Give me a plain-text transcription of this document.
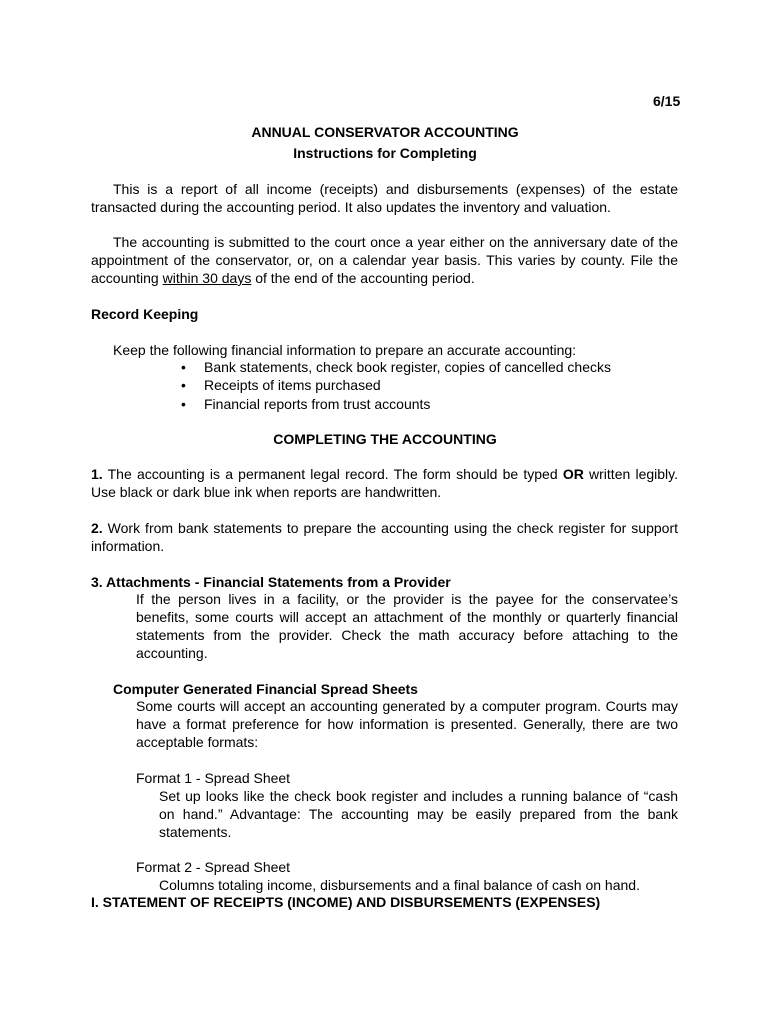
6/15
ANNUAL CONSERVATOR ACCOUNTING
Instructions for Completing
This is a report of all income (receipts) and disbursements (expenses) of the estate transacted during the accounting period. It also updates the inventory and valuation.
The accounting is submitted to the court once a year either on the anniversary date of the appointment of the conservator, or, on a calendar year basis. This varies by county. File the accounting within 30 days of the end of the accounting period.
Record Keeping
Keep the following financial information to prepare an accurate accounting:
• Bank statements, check book register, copies of cancelled checks
• Receipts of items purchased
• Financial reports from trust accounts
COMPLETING THE ACCOUNTING
1. The accounting is a permanent legal record. The form should be typed OR written legibly. Use black or dark blue ink when reports are handwritten.
2. Work from bank statements to prepare the accounting using the check register for support information.
3. Attachments - Financial Statements from a Provider
If the person lives in a facility, or the provider is the payee for the conservatee’s benefits, some courts will accept an attachment of the monthly or quarterly financial statements from the provider. Check the math accuracy before attaching to the accounting.
Computer Generated Financial Spread Sheets
Some courts will accept an accounting generated by a computer program. Courts may have a format preference for how information is presented. Generally, there are two acceptable formats:
Format 1 - Spread Sheet
Set up looks like the check book register and includes a running balance of “cash on hand.” Advantage: The accounting may be easily prepared from the bank statements.
Format 2 - Spread Sheet
Columns totaling income, disbursements and a final balance of cash on hand.
I. STATEMENT OF RECEIPTS (INCOME) AND DISBURSEMENTS (EXPENSES)
